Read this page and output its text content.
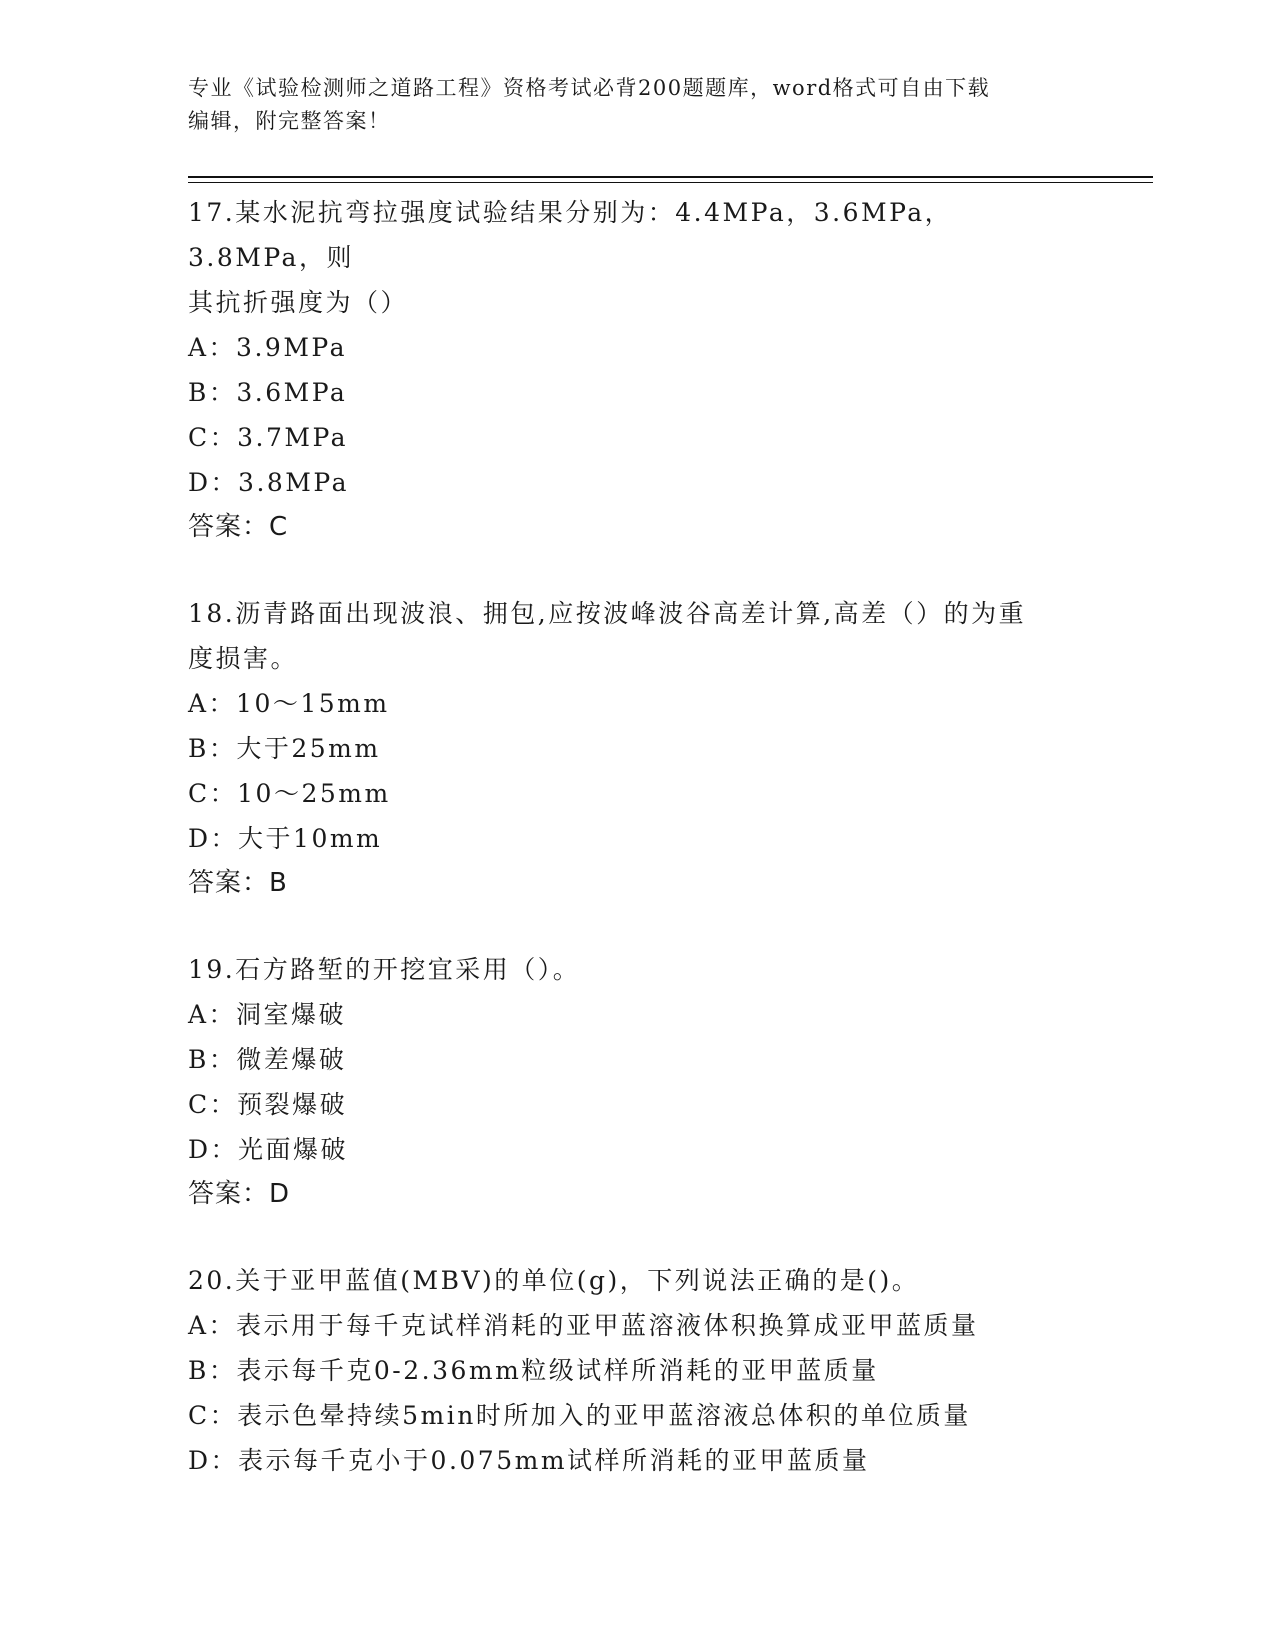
专业《试验检测师之道路工程》资格考试必背200题题库，word格式可自由下载
编辑，附完整答案！
17.某水泥抗弯拉强度试验结果分别为：4.4MPa，3.6MPa，3.8MPa，则
其抗折强度为（）
A：3.9MPa
B：3.6MPa
C：3.7MPa
D：3.8MPa
答案：C
18.沥青路面出现波浪、拥包,应按波峰波谷高差计算,高差（）的为重
度损害。
A：10～15mm
B：大于25mm
C：10～25mm
D：大于10mm
答案：B
19.石方路堑的开挖宜采用（）。
A：洞室爆破
B：微差爆破
C：预裂爆破
D：光面爆破
答案：D
20.关于亚甲蓝值(MBV)的单位(g)，下列说法正确的是()。
A：表示用于每千克试样消耗的亚甲蓝溶液体积换算成亚甲蓝质量
B：表示每千克0-2.36mm粒级试样所消耗的亚甲蓝质量
C：表示色晕持续5min时所加入的亚甲蓝溶液总体积的单位质量
D：表示每千克小于0.075mm试样所消耗的亚甲蓝质量
